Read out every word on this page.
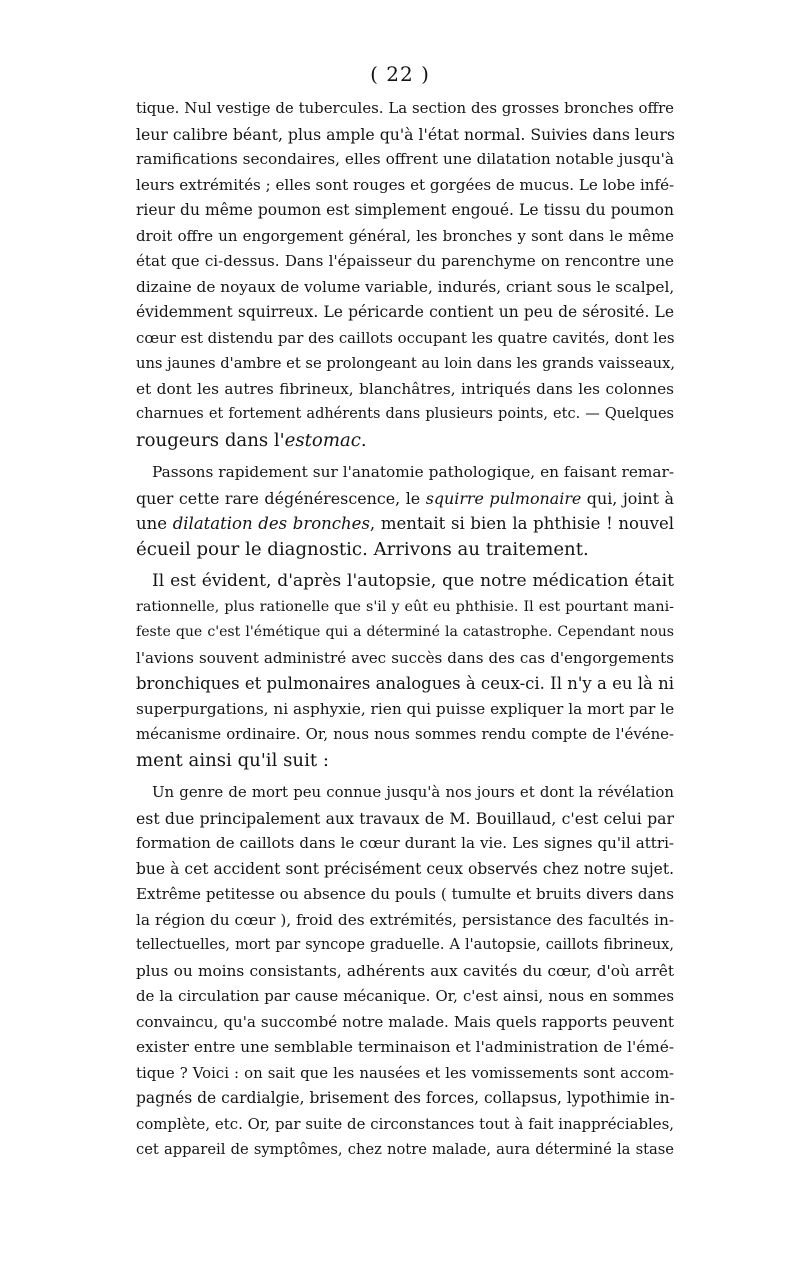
( 22 )
tique. Nul vestige de tubercules. La section des grosses bronches offre
leur calibre béant, plus ample qu'à l'état normal. Suivies dans leurs
ramifications secondaires, elles offrent une dilatation notable jusqu'à
leurs extrémités ; elles sont rouges et gorgées de mucus. Le lobe infé-
rieur du même poumon est simplement engoué. Le tissu du poumon
droit offre un engorgement général, les bronches y sont dans le même
état que ci-dessus. Dans l'épaisseur du parenchyme on rencontre une
dizaine de noyaux de volume variable, indurés, criant sous le scalpel,
évidemment squirreux. Le péricarde contient un peu de sérosité. Le
cœur est distendu par des caillots occupant les quatre cavités, dont les
uns jaunes d'ambre et se prolongeant au loin dans les grands vaisseaux,
et dont les autres fibrineux, blanchâtres, intriqués dans les colonnes
charnues et fortement adhérents dans plusieurs points, etc. — Quelques
rougeurs dans l'estomac.
Passons rapidement sur l'anatomie pathologique, en faisant remar-
quer cette rare dégénérescence, le squirre pulmonaire qui, joint à
une dilatation des bronches, mentait si bien la phthisie ! nouvel
écueil pour le diagnostic. Arrivons au traitement.
Il est évident, d'après l'autopsie, que notre médication était
rationnelle, plus rationelle que s'il y eût eu phthisie. Il est pourtant mani-
feste que c'est l'émétique qui a déterminé la catastrophe. Cependant nous
l'avions souvent administré avec succès dans des cas d'engorgements
bronchiques et pulmonaires analogues à ceux-ci. Il n'y a eu là ni
superpurgations, ni asphyxie, rien qui puisse expliquer la mort par le
mécanisme ordinaire. Or, nous nous sommes rendu compte de l'événe-
ment ainsi qu'il suit :
Un genre de mort peu connue jusqu'à nos jours et dont la révélation
est due principalement aux travaux de M. Bouillaud, c'est celui par
formation de caillots dans le cœur durant la vie. Les signes qu'il attri-
bue à cet accident sont précisément ceux observés chez notre sujet.
Extrême petitesse ou absence du pouls ( tumulte et bruits divers dans
la région du cœur ), froid des extrémités, persistance des facultés in-
tellectuelles, mort par syncope graduelle. A l'autopsie, caillots fibrineux,
plus ou moins consistants, adhérents aux cavités du cœur, d'où arrêt
de la circulation par cause mécanique. Or, c'est ainsi, nous en sommes
convaincu, qu'a succombé notre malade. Mais quels rapports peuvent
exister entre une semblable terminaison et l'administration de l'émé-
tique ? Voici : on sait que les nausées et les vomissements sont accom-
pagnés de cardialgie, brisement des forces, collapsus, lypothimie in-
complète, etc. Or, par suite de circonstances tout à fait inappréciables,
cet appareil de symptômes, chez notre malade, aura déterminé la stase
